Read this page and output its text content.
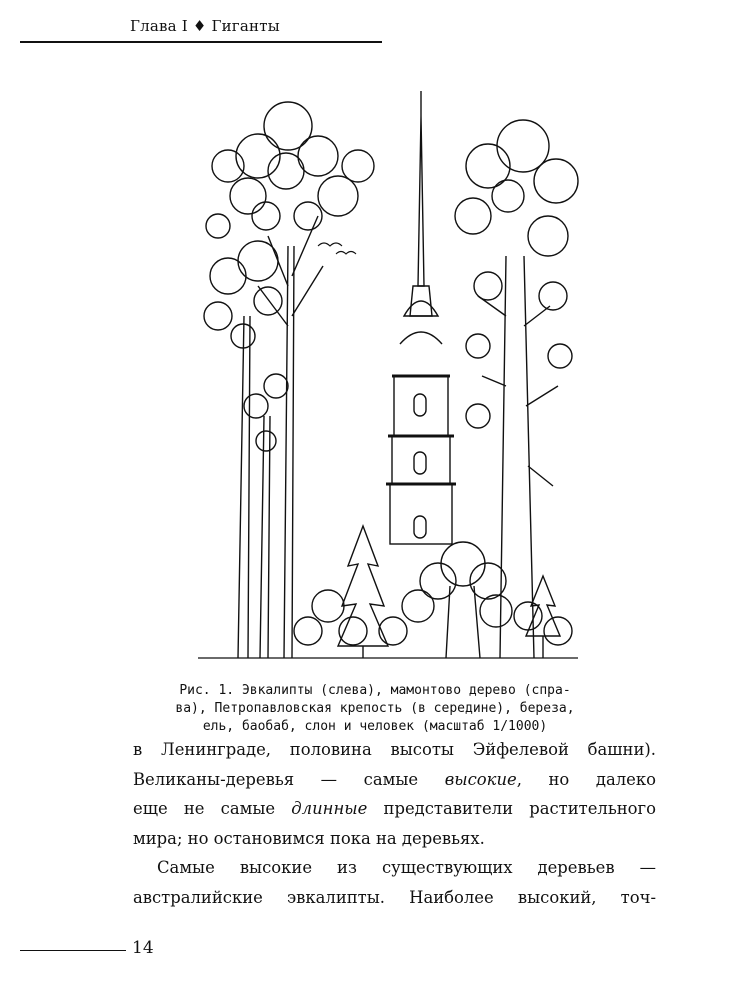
Глава I ♦ Гиганты
Рис. 1. Эвкалипты (слева), мамонтово дерево (спра-
ва), Петропавловская крепость (в середине), береза,
ель, баобаб, слон и человек (масштаб 1/1000)
в Ленинграде, половина высоты Эйфелевой башни).
Великаны-деревья — самые высокие, но далеко
еще не самые длинные представители растительного
мира; но остановимся пока на деревьях.
Самые высокие из существующих деревьев —
австралийские эвкалипты. Наиболее высокий, точ-
14
